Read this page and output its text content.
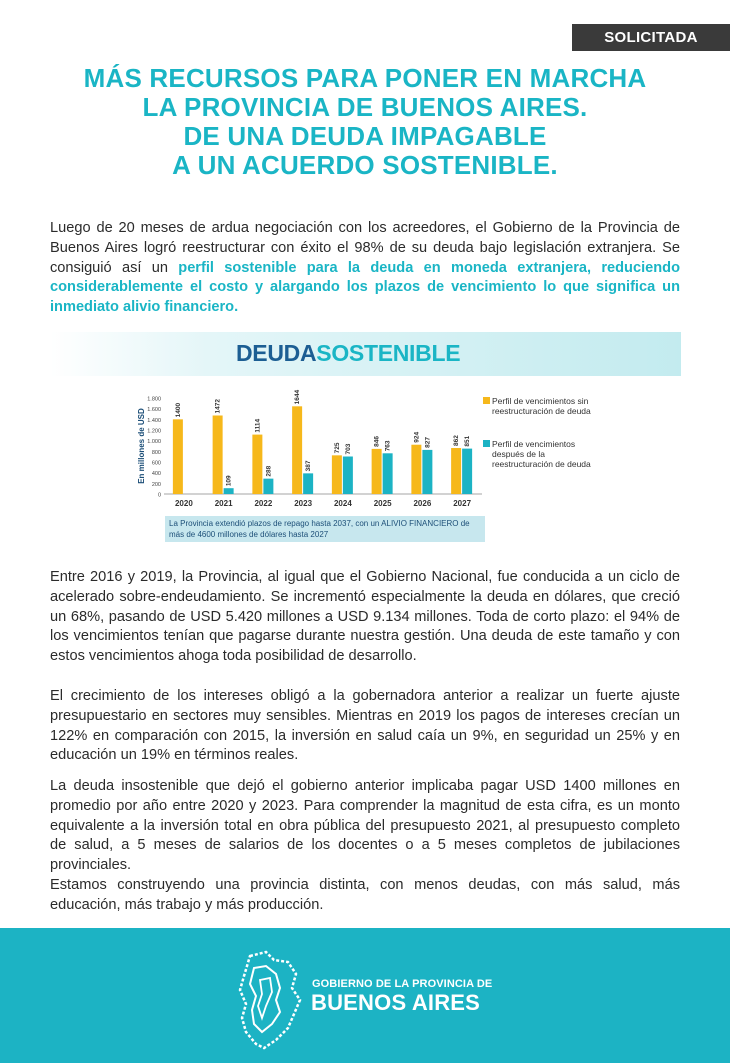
SOLICITADA
MÁS RECURSOS PARA PONER EN MARCHA
LA PROVINCIA DE BUENOS AIRES.
DE UNA DEUDA IMPAGABLE
A UN ACUERDO SOSTENIBLE.

Luego de 20 meses de ardua negociación con los acreedores, el Gobierno de la Provincia de Buenos Aires logró reestructurar con éxito el 98% de su deuda bajo legislación extranjera. Se consiguió así un perfil sostenible para la deuda en moneda extranjera, reduciendo considerablemente el costo y alargando los plazos de vencimiento lo que significa un inmediato alivio financiero.

DEUDASOSTENIBLE
En millones de USD
1.800
1.600
1.400
1.200
1.000
800
600
400
200
0
1400
2020
1472
109
2021
1114
288
2022
1644
387
2023
725 703
2024
846 763
2025
924 827
2026
862 851
2027
Perfil de vencimientos sin reestructuración de deuda
Perfil de vencimientos después de la reestructuración de deuda
La Provincia extendió plazos de repago hasta 2037, con un ALIVIO FINANCIERO de más de 4600 millones de dólares hasta 2027

Entre 2016 y 2019, la Provincia, al igual que el Gobierno Nacional, fue conducida a un ciclo de acelerado sobre-endeudamiento. Se incrementó especialmente la deuda en dólares, que creció un 68%, pasando de USD 5.420 millones a USD 9.134 millones. Toda de corto plazo: el 94% de los vencimientos tenían que pagarse durante nuestra gestión. Una deuda de este tamaño y con estos vencimientos ahoga toda posibilidad de desarrollo.

El crecimiento de los intereses obligó a la gobernadora anterior a realizar un fuerte ajuste presupuestario en sectores muy sensibles. Mientras en 2019 los pagos de intereses crecían un 122% en comparación con 2015, la inversión en salud caía un 9%, en seguridad un 25% y en educación un 19% en términos reales.

La deuda insostenible que dejó el gobierno anterior implicaba pagar USD 1400 millones en promedio por año entre 2020 y 2023. Para comprender la magnitud de esta cifra, es un monto equivalente a la inversión total en obra pública del presupuesto 2021, al presupuesto completo de salud, a 5 meses de salarios de los docentes o a 5 meses completos de jubilaciones provinciales.

Estamos construyendo una provincia distinta, con menos deudas, con más salud, más educación, más trabajo y más producción.

GOBIERNO DE LA PROVINCIA DE
BUENOS AIRES
